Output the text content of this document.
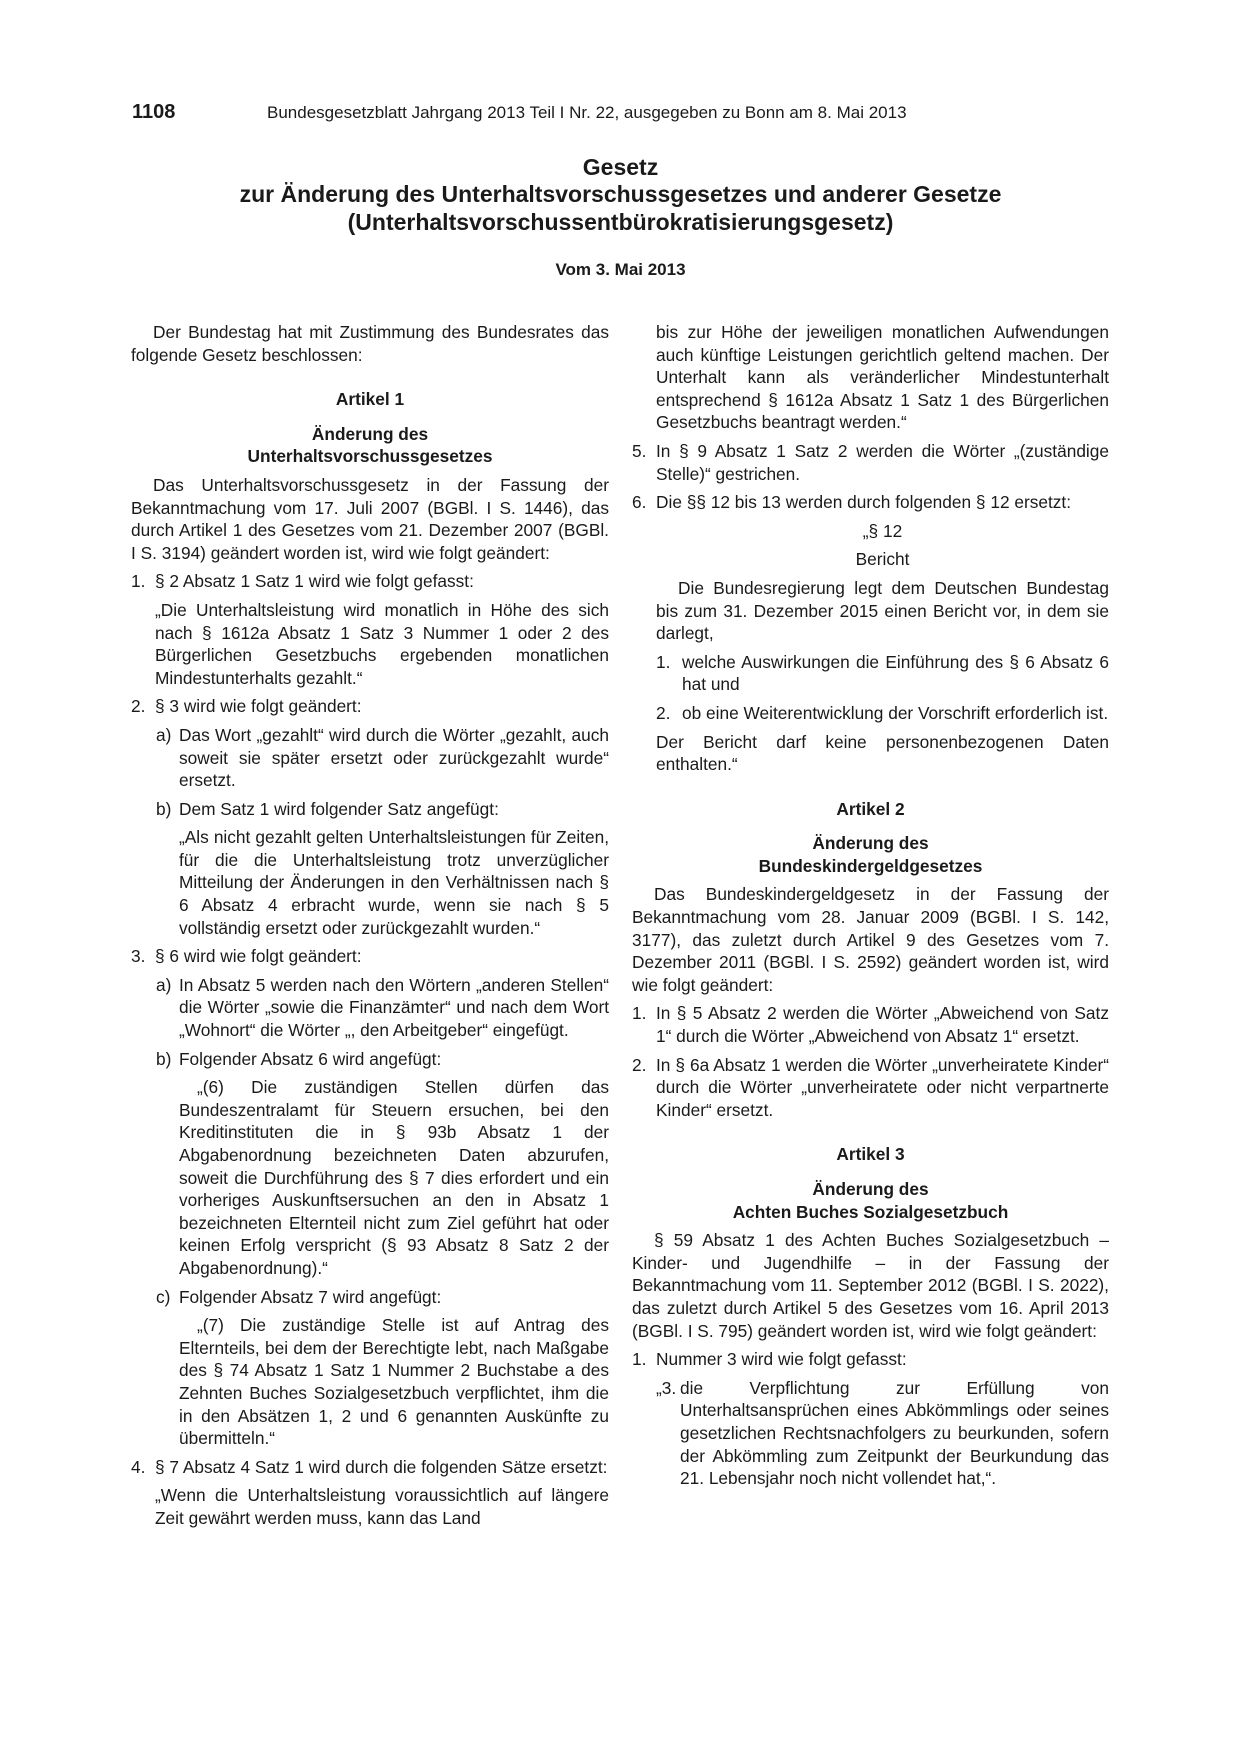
1108	Bundesgesetzblatt Jahrgang 2013 Teil I Nr. 22, ausgegeben zu Bonn am 8. Mai 2013
Gesetz
zur Änderung des Unterhaltsvorschussgesetzes und anderer Gesetze
(Unterhaltsvorschussentbürokratisierungsgesetz)
Vom 3. Mai 2013

Der Bundestag hat mit Zustimmung des Bundesrates das folgende Gesetz beschlossen:

Artikel 1

Änderung des

Unterhaltsvorschussgesetzes

Das Unterhaltsvorschussgesetz in der Fassung der Bekanntmachung vom 17. Juli 2007 (BGBl. I S. 1446), das durch Artikel 1 des Gesetzes vom 21. Dezember 2007 (BGBl. I S. 3194) geändert worden ist, wird wie folgt geändert:

1. § 2 Absatz 1 Satz 1 wird wie folgt gefasst:

„Die Unterhaltsleistung wird monatlich in Höhe des sich nach § 1612a Absatz 1 Satz 3 Nummer 1 oder 2 des Bürgerlichen Gesetzbuchs ergebenden monatlichen Mindestunterhalts gezahlt.“

2. § 3 wird wie folgt geändert:

a) Das Wort „gezahlt“ wird durch die Wörter „gezahlt, auch soweit sie später ersetzt oder zurückgezahlt wurde“ ersetzt.

b) Dem Satz 1 wird folgender Satz angefügt:

„Als nicht gezahlt gelten Unterhaltsleistungen für Zeiten, für die die Unterhaltsleistung trotz unverzüglicher Mitteilung der Änderungen in den Verhältnissen nach § 6 Absatz 4 erbracht wurde, wenn sie nach § 5 vollständig ersetzt oder zurückgezahlt wurden.“

3. § 6 wird wie folgt geändert:

a) In Absatz 5 werden nach den Wörtern „anderen Stellen“ die Wörter „sowie die Finanzämter“ und nach dem Wort „Wohnort“ die Wörter „, den Arbeitgeber“ eingefügt.

b) Folgender Absatz 6 wird angefügt:

„(6) Die zuständigen Stellen dürfen das Bundeszentralamt für Steuern ersuchen, bei den Kreditinstituten die in § 93b Absatz 1 der Abgabenordnung bezeichneten Daten abzurufen, soweit die Durchführung des § 7 dies erfordert und ein vorheriges Auskunftsersuchen an den in Absatz 1 bezeichneten Elternteil nicht zum Ziel geführt hat oder keinen Erfolg verspricht (§ 93 Absatz 8 Satz 2 der Abgabenordnung).“

c) Folgender Absatz 7 wird angefügt:

„(7) Die zuständige Stelle ist auf Antrag des Elternteils, bei dem der Berechtigte lebt, nach Maßgabe des § 74 Absatz 1 Satz 1 Nummer 2 Buchstabe a des Zehnten Buches Sozialgesetzbuch verpflichtet, ihm die in den Absätzen 1, 2 und 6 genannten Auskünfte zu übermitteln.“

4. § 7 Absatz 4 Satz 1 wird durch die folgenden Sätze ersetzt:

„Wenn die Unterhaltsleistung voraussichtlich auf längere Zeit gewährt werden muss, kann das Land

bis zur Höhe der jeweiligen monatlichen Aufwendungen auch künftige Leistungen gerichtlich geltend machen. Der Unterhalt kann als veränderlicher Mindestunterhalt entsprechend § 1612a Absatz 1 Satz 1 des Bürgerlichen Gesetzbuchs beantragt werden.“

5. In § 9 Absatz 1 Satz 2 werden die Wörter „(zuständige Stelle)“ gestrichen.

6. Die §§ 12 bis 13 werden durch folgenden § 12 ersetzt:

„§ 12

Bericht

Die Bundesregierung legt dem Deutschen Bundestag bis zum 31. Dezember 2015 einen Bericht vor, in dem sie darlegt,

1. welche Auswirkungen die Einführung des § 6 Absatz 6 hat und

2. ob eine Weiterentwicklung der Vorschrift erforderlich ist.

Der Bericht darf keine personenbezogenen Daten enthalten.“

Artikel 2

Änderung des

Bundeskindergeldgesetzes

Das Bundeskindergeldgesetz in der Fassung der Bekanntmachung vom 28. Januar 2009 (BGBl. I S. 142, 3177), das zuletzt durch Artikel 9 des Gesetzes vom 7. Dezember 2011 (BGBl. I S. 2592) geändert worden ist, wird wie folgt geändert:

1. In § 5 Absatz 2 werden die Wörter „Abweichend von Satz 1“ durch die Wörter „Abweichend von Absatz 1“ ersetzt.

2. In § 6a Absatz 1 werden die Wörter „unverheiratete Kinder“ durch die Wörter „unverheiratete oder nicht verpartnerte Kinder“ ersetzt.

Artikel 3

Änderung des

Achten Buches Sozialgesetzbuch

§ 59 Absatz 1 des Achten Buches Sozialgesetzbuch – Kinder- und Jugendhilfe – in der Fassung der Bekanntmachung vom 11. September 2012 (BGBl. I S. 2022), das zuletzt durch Artikel 5 des Gesetzes vom 16. April 2013 (BGBl. I S. 795) geändert worden ist, wird wie folgt geändert:

1. Nummer 3 wird wie folgt gefasst:

„3. die Verpflichtung zur Erfüllung von Unterhaltsansprüchen eines Abkömmlings oder seines gesetzlichen Rechtsnachfolgers zu beurkunden, sofern der Abkömmling zum Zeitpunkt der Beurkundung das 21. Lebensjahr noch nicht vollendet hat,“.
